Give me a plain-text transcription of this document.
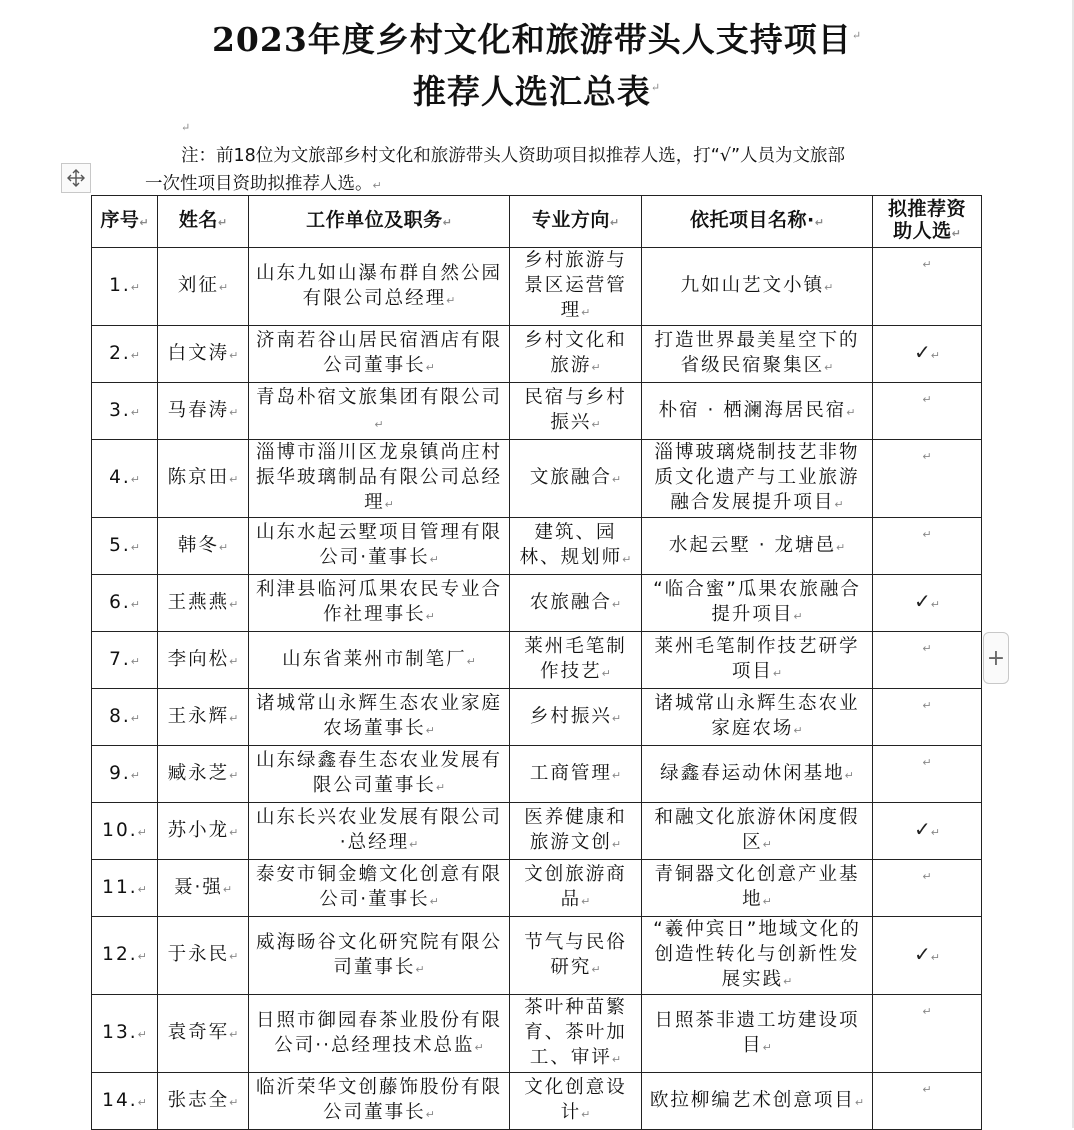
2023年度乡村文化和旅游带头人支持项目↵
推荐人选汇总表↵
↵
注：前18位为文旅部乡村文化和旅游带头人资助项目拟推荐人选，打“√”人员为文旅部
一次性项目资助拟推荐人选。↵
序号↵	姓名↵	工作单位及职务↵	专业方向↵	依托项目名称·↵	拟推荐资助人选↵
1.↵	刘征↵	山东九如山瀑布群自然公园有限公司总经理↵	乡村旅游与景区运营管理↵	九如山艺文小镇↵	↵

2.↵	白文涛↵	济南若谷山居民宿酒店有限公司董事长↵	乡村文化和旅游↵	打造世界最美星空下的省级民宿聚集区↵	✓↵
3.↵	马春涛↵	青岛朴宿文旅集团有限公司↵	民宿与乡村振兴↵	朴宿 · 栖澜海居民宿↵	↵

4.↵	陈京田↵	淄博市淄川区龙泉镇尚庄村振华玻璃制品有限公司总经理↵	文旅融合↵	淄博玻璃烧制技艺非物质文化遗产与工业旅游融合发展提升项目↵	↵

5.↵	韩冬↵	山东水起云墅项目管理有限公司·董事长↵	建筑、园林、规划师↵	水起云墅 · 龙塘邑↵	↵

6.↵	王燕燕↵	利津县临河瓜果农民专业合作社理事长↵	农旅融合↵	“临合蜜”瓜果农旅融合提升项目↵	✓↵
7.↵	李向松↵	山东省莱州市制笔厂↵	莱州毛笔制作技艺↵	莱州毛笔制作技艺研学项目↵	↵

8.↵	王永辉↵	诸城常山永辉生态农业家庭农场董事长↵	乡村振兴↵	诸城常山永辉生态农业家庭农场↵	↵

9.↵	臧永芝↵	山东绿鑫春生态农业发展有限公司董事长↵	工商管理↵	绿鑫春运动休闲基地↵	↵

10.↵	苏小龙↵	山东长兴农业发展有限公司·总经理↵	医养健康和旅游文创↵	和融文化旅游休闲度假区↵	✓↵
11.↵	聂·强↵	泰安市铜金蟾文化创意有限公司·董事长↵	文创旅游商品↵	青铜器文化创意产业基地↵	↵

12.↵	于永民↵	威海旸谷文化研究院有限公司董事长↵	节气与民俗研究↵	“羲仲宾日”地域文化的创造性转化与创新性发展实践↵	✓↵
13.↵	袁奇军↵	日照市御园春茶业股份有限公司··总经理技术总监↵	茶叶种苗繁育、茶叶加工、审评↵	日照茶非遗工坊建设项目↵	↵

14.↵	张志全↵	临沂荣华文创藤饰股份有限公司董事长↵	文化创意设计↵	欧拉柳编艺术创意项目↵	↵
+
